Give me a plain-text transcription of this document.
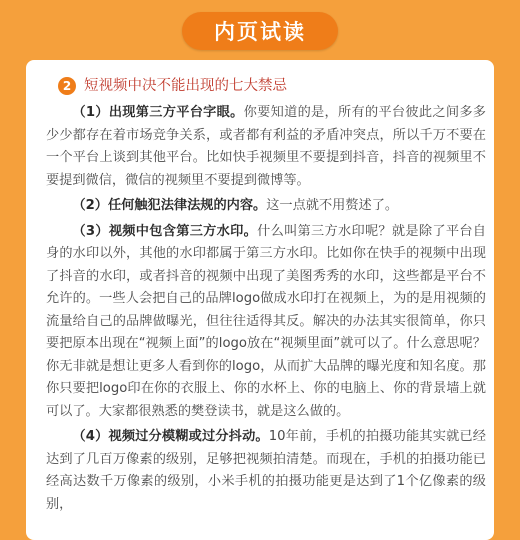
内页试读
2 短视频中决不能出现的七大禁忌

（1）出现第三方平台字眼。你要知道的是，所有的平台彼此之间多多少少都存在着市场竞争关系，或者都有利益的矛盾冲突点，所以千万不要在一个平台上谈到其他平台。比如快手视频里不要提到抖音，抖音的视频里不要提到微信，微信的视频里不要提到微博等。

（2）任何触犯法律法规的内容。这一点就不用赘述了。

（3）视频中包含第三方水印。什么叫第三方水印呢？就是除了平台自身的水印以外，其他的水印都属于第三方水印。比如你在快手的视频中出现了抖音的水印，或者抖音的视频中出现了美图秀秀的水印，这些都是平台不允许的。一些人会把自己的品牌logo做成水印打在视频上，为的是用视频的流量给自己的品牌做曝光，但往往适得其反。解决的办法其实很简单，你只要把原本出现在“视频上面”的logo放在“视频里面”就可以了。什么意思呢？你无非就是想让更多人看到你的logo，从而扩大品牌的曝光度和知名度。那你只要把logo印在你的衣服上、你的水杯上、你的电脑上、你的背景墙上就可以了。大家都很熟悉的樊登读书，就是这么做的。

（4）视频过分模糊或过分抖动。10年前，手机的拍摄功能其实就已经达到了几百万像素的级别，足够把视频拍清楚。而现在，手机的拍摄功能已经高达数千万像素的级别，小米手机的拍摄功能更是达到了1个亿像素的级别，
